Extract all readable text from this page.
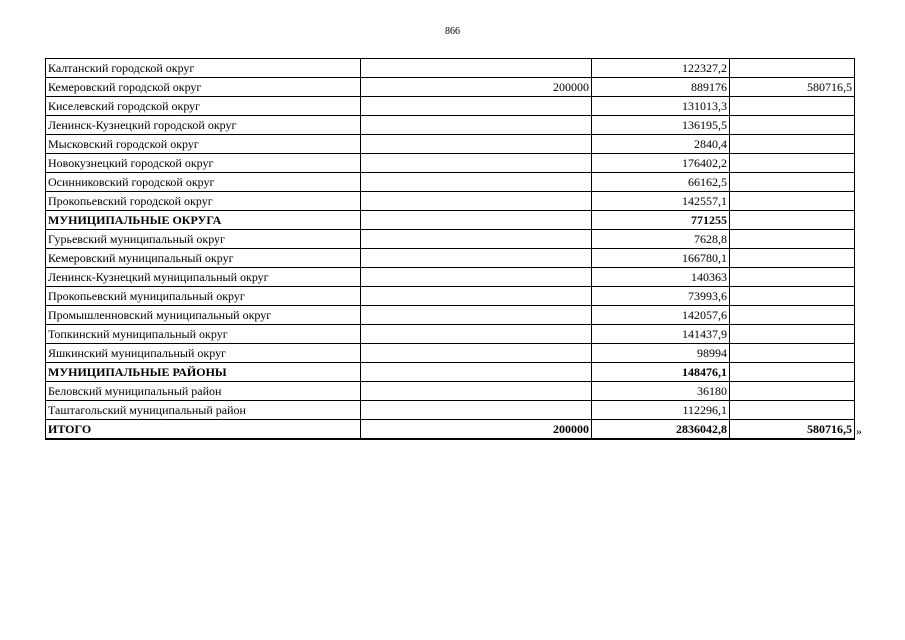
866
Калтанский городской округ		122327,2	
Кемеровский городской округ	200000	889176	580716,5
Киселевский городской округ		131013,3	
Ленинск-Кузнецкий городской округ		136195,5	
Мысковский городской округ		2840,4	
Новокузнецкий городской округ		176402,2	
Осинниковский городской округ		66162,5	
Прокопьевский городской округ		142557,1	
МУНИЦИПАЛЬНЫЕ ОКРУГА		771255	
Гурьевский муниципальный округ		7628,8	
Кемеровский муниципальный округ		166780,1	
Ленинск-Кузнецкий муниципальный округ		140363	
Прокопьевский муниципальный округ		73993,6	
Промышленновский муниципальный округ		142057,6	
Топкинский муниципальный округ		141437,9	
Яшкинский муниципальный округ		98994	
МУНИЦИПАЛЬНЫЕ РАЙОНЫ		148476,1	
Беловский муниципальный район		36180	
Таштагольский муниципальный район		112296,1	
ИТОГО	200000	2836042,8	580716,5 »
